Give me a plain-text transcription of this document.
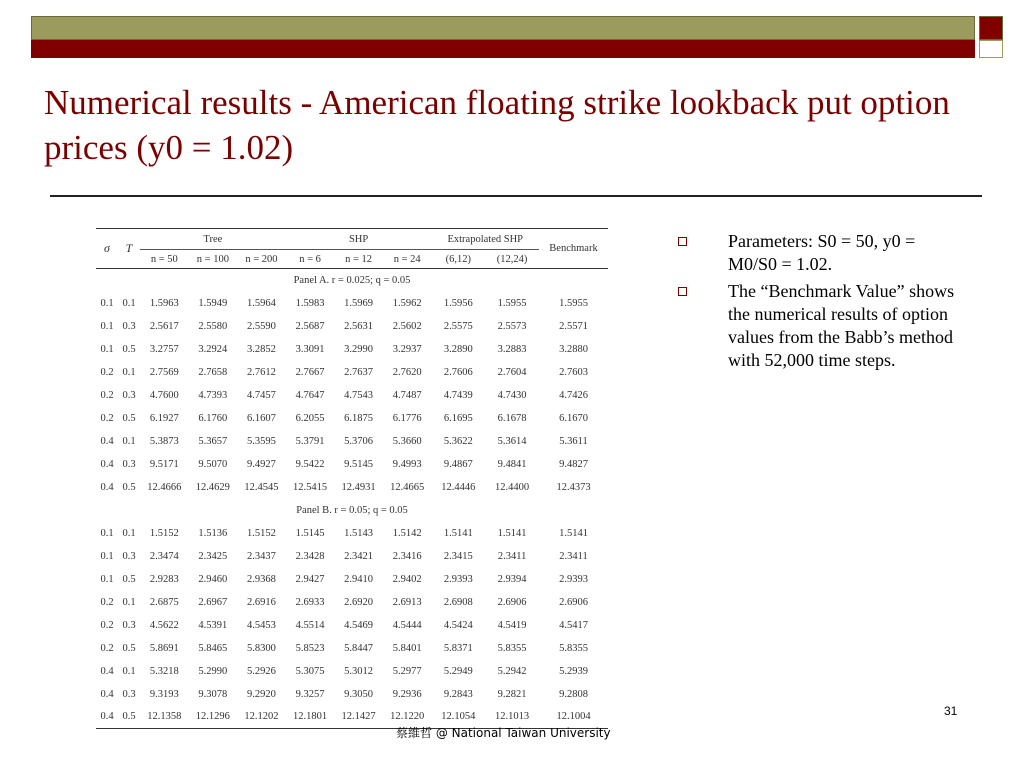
Numerical results - American floating strike lookback put option prices (y0 = 1.02)
σ	T	Tree			SHP			Extrapolated SHP		Benchmark
		n = 50	n = 100	n = 200	n = 6	n = 12	n = 24	(6,12)	(12,24)	
Panel A. r = 0.025; q = 0.05										
0.1	0.1	1.5963	1.5949	1.5964	1.5983	1.5969	1.5962	1.5956	1.5955	1.5955
0.1	0.3	2.5617	2.5580	2.5590	2.5687	2.5631	2.5602	2.5575	2.5573	2.5571
0.1	0.5	3.2757	3.2924	3.2852	3.3091	3.2990	3.2937	3.2890	3.2883	3.2880
0.2	0.1	2.7569	2.7658	2.7612	2.7667	2.7637	2.7620	2.7606	2.7604	2.7603
0.2	0.3	4.7600	4.7393	4.7457	4.7647	4.7543	4.7487	4.7439	4.7430	4.7426
0.2	0.5	6.1927	6.1760	6.1607	6.2055	6.1875	6.1776	6.1695	6.1678	6.1670
0.4	0.1	5.3873	5.3657	5.3595	5.3791	5.3706	5.3660	5.3622	5.3614	5.3611
0.4	0.3	9.5171	9.5070	9.4927	9.5422	9.5145	9.4993	9.4867	9.4841	9.4827
0.4	0.5	12.4666	12.4629	12.4545	12.5415	12.4931	12.4665	12.4446	12.4400	12.4373
Panel B. r = 0.05; q = 0.05										
0.1	0.1	1.5152	1.5136	1.5152	1.5145	1.5143	1.5142	1.5141	1.5141	1.5141
0.1	0.3	2.3474	2.3425	2.3437	2.3428	2.3421	2.3416	2.3415	2.3411	2.3411
0.1	0.5	2.9283	2.9460	2.9368	2.9427	2.9410	2.9402	2.9393	2.9394	2.9393
0.2	0.1	2.6875	2.6967	2.6916	2.6933	2.6920	2.6913	2.6908	2.6906	2.6906
0.2	0.3	4.5622	4.5391	4.5453	4.5514	4.5469	4.5444	4.5424	4.5419	4.5417
0.2	0.5	5.8691	5.8465	5.8300	5.8523	5.8447	5.8401	5.8371	5.8355	5.8355
0.4	0.1	5.3218	5.2990	5.2926	5.3075	5.3012	5.2977	5.2949	5.2942	5.2939
0.4	0.3	9.3193	9.3078	9.2920	9.3257	9.3050	9.2936	9.2843	9.2821	9.2808
0.4	0.5	12.1358	12.1296	12.1202	12.1801	12.1427	12.1220	12.1054	12.1013	12.1004
Parameters: S0 = 50, y0 = M0/S0 = 1.02.
The “Benchmark Value” shows the numerical results of option values from the Babb’s method with 52,000 time steps.
31
蔡維哲 @ National Taiwan University
